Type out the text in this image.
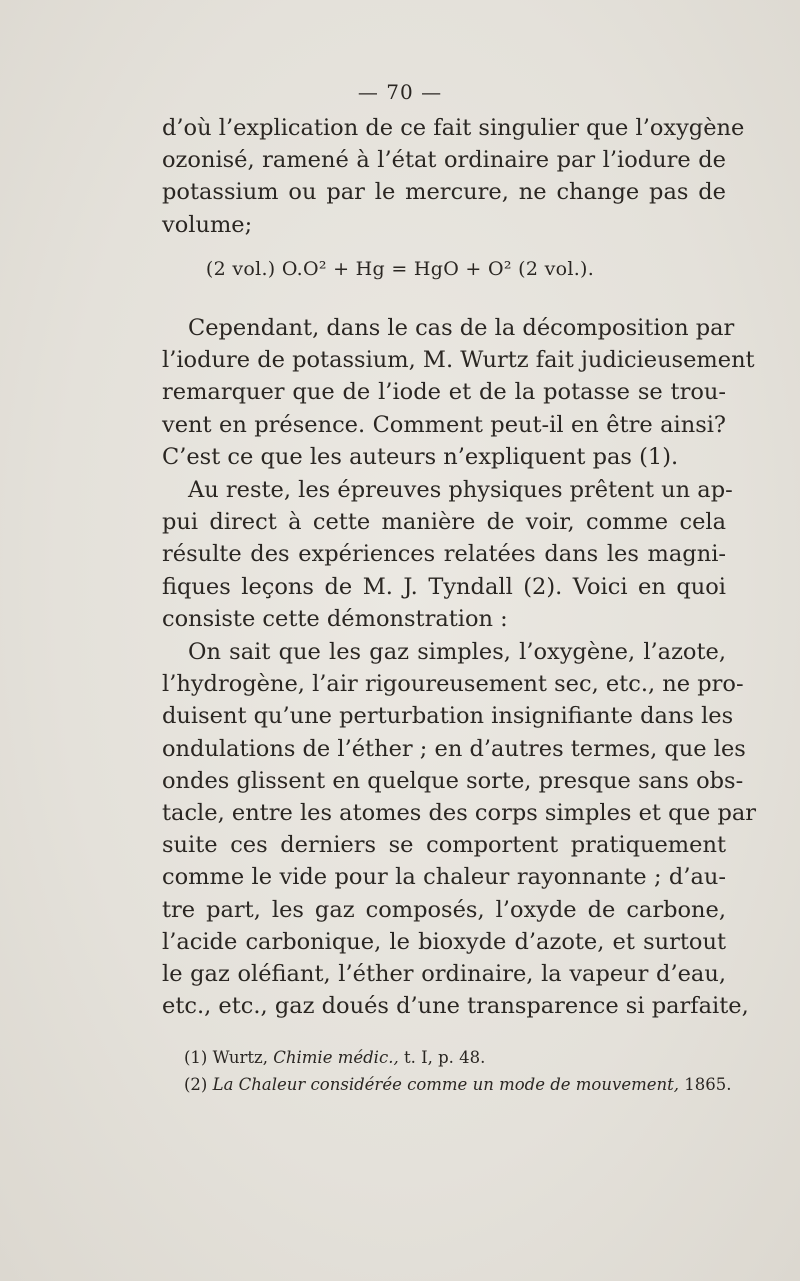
— 70 —
d’où l’explication de ce fait singulier que l’oxygène
ozonisé, ramené à l’état ordinaire par l’iodure de
potassium ou par le mercure, ne change pas de
volume;
(2 vol.) O.O² + Hg = HgO + O² (2 vol.).
Cependant, dans le cas de la décomposition par
l’iodure de potassium, M. Wurtz fait judicieusement
remarquer que de l’iode et de la potasse se trou-
vent en présence. Comment peut-il en être ainsi?
C’est ce que les auteurs n’expliquent pas (1).
Au reste, les épreuves physiques prêtent un ap-
pui direct à cette manière de voir, comme cela
résulte des expériences relatées dans les magni-
fiques leçons de M. J. Tyndall (2). Voici en quoi
consiste cette démonstration :
On sait que les gaz simples, l’oxygène, l’azote,
l’hydrogène, l’air rigoureusement sec, etc., ne pro-
duisent qu’une perturbation insignifiante dans les
ondulations de l’éther ; en d’autres termes, que les
ondes glissent en quelque sorte, presque sans obs-
tacle, entre les atomes des corps simples et que par
suite ces derniers se comportent pratiquement
comme le vide pour la chaleur rayonnante ; d’au-
tre part, les gaz composés, l’oxyde de carbone,
l’acide carbonique, le bioxyde d’azote, et surtout
le gaz oléfiant, l’éther ordinaire, la vapeur d’eau,
etc., etc., gaz doués d’une transparence si parfaite,
(1) Wurtz, Chimie médic., t. I, p. 48.
(2) La Chaleur considérée comme un mode de mouvement, 1865.
